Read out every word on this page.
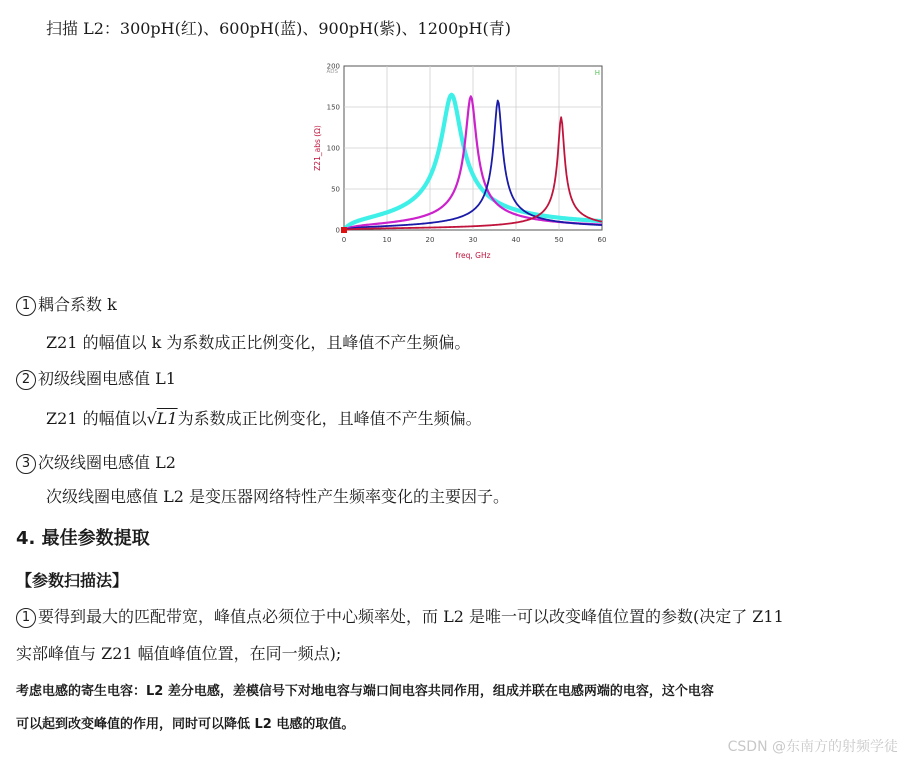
扫描 L2：300pH(红)、600pH(蓝)、900pH(紫)、1200pH(青)
0	10	20	30	40	50	60
0
50
100
150
200
freq, GHz
Z21_abs (Ω)
ADS	H
1 耦合系数 k
Z21 的幅值以 k 为系数成正比例变化，且峰值不产生频偏。
2 初级线圈电感值 L1
Z21 的幅值以√L1为系数成正比例变化，且峰值不产生频偏。
3 次级线圈电感值 L2
次级线圈电感值 L2 是变压器网络特性产生频率变化的主要因子。
4. 最佳参数提取
【参数扫描法】
1 要得到最大的匹配带宽，峰值点必须位于中心频率处，而 L2 是唯一可以改变峰值位置的参数(决定了 Z11
实部峰值与 Z21 幅值峰值位置，在同一频点);
考虑电感的寄生电容：L2 差分电感，差模信号下对地电容与端口间电容共同作用，组成并联在电感两端的电容，这个电容
可以起到改变峰值的作用，同时可以降低 L2 电感的取值。
CSDN @东南方的射频学徒
